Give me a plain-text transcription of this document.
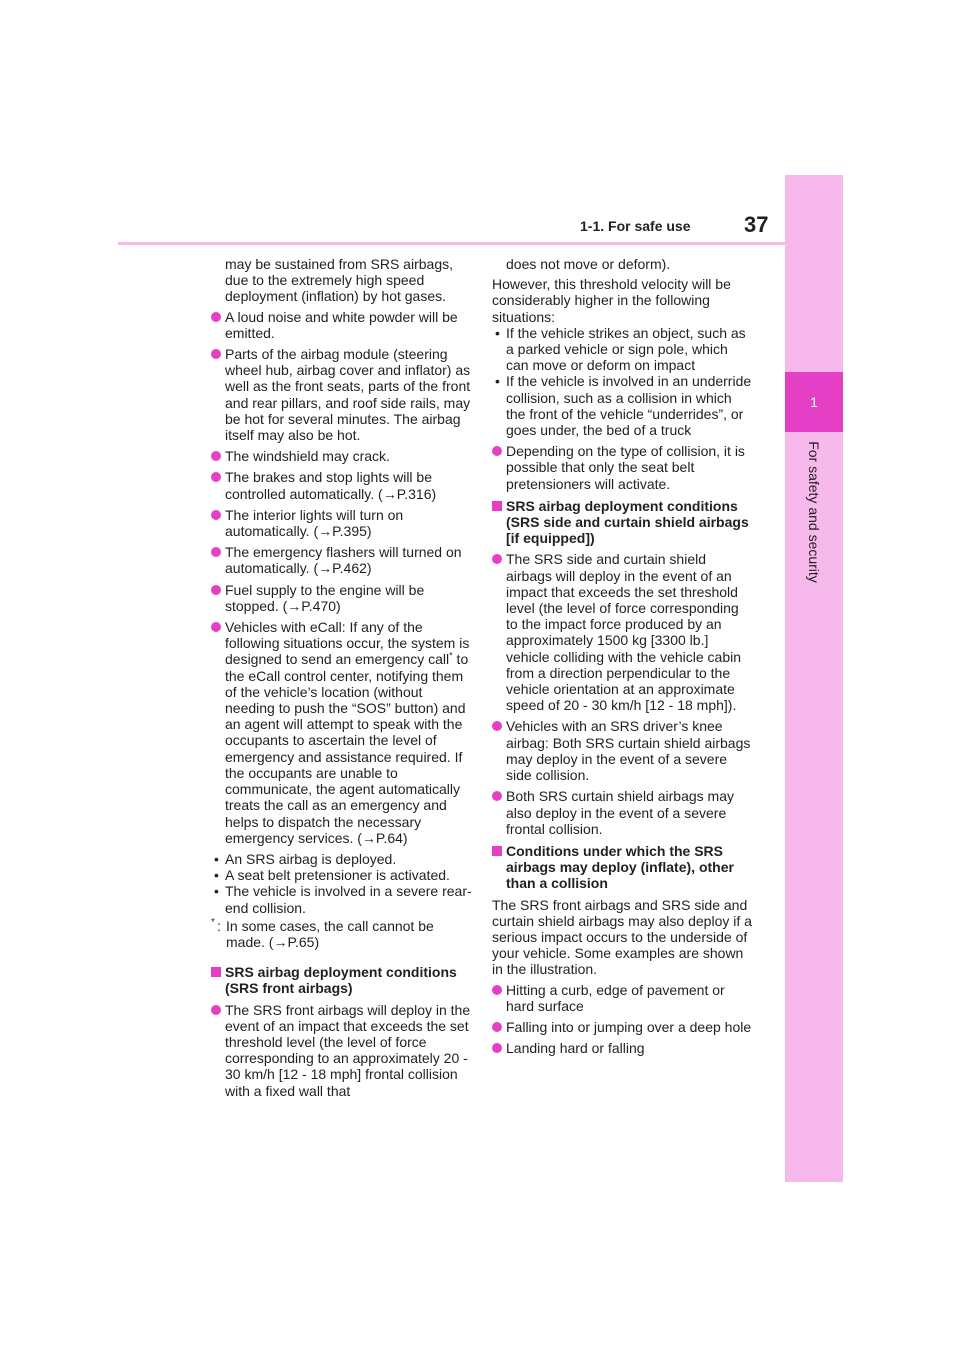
1
For safety and security
1-1. For safe use 37

may be sustained from SRS airbags, due to the extremely high speed deployment (inflation) by hot gases.

A loud noise and white powder will be emitted.
Parts of the airbag module (steering wheel hub, airbag cover and inflator) as well as the front seats, parts of the front and rear pillars, and roof side rails, may be hot for several minutes. The airbag itself may also be hot.
The windshield may crack.
The brakes and stop lights will be controlled automatically. (→P.316)
The interior lights will turn on automatically. (→P.395)
The emergency flashers will turned on automatically. (→P.462)
Fuel supply to the engine will be stopped. (→P.470)
Vehicles with eCall: If any of the following situations occur, the system is designed to send an emergency call* to the eCall control center, notifying them of the vehicle’s location (without needing to push the “SOS” button) and an agent will attempt to speak with the occupants to ascertain the level of emergency and assistance required. If the occupants are unable to communicate, the agent automatically treats the call as an emergency and helps to dispatch the necessary emergency services. (→P.64)
• An SRS airbag is deployed.
• A seat belt pretensioner is activated.
• The vehicle is involved in a severe rear-end collision.
* : In some cases, the call cannot be made. (→P.65)
SRS airbag deployment conditions (SRS front airbags)
The SRS front airbags will deploy in the event of an impact that exceeds the set threshold level (the level of force corresponding to an approximately 20 - 30 km/h [12 - 18 mph] frontal collision with a fixed wall that

does not move or deform).

However, this threshold velocity will be considerably higher in the following situations:

• If the vehicle strikes an object, such as a parked vehicle or sign pole, which can move or deform on impact
• If the vehicle is involved in an underride collision, such as a collision in which the front of the vehicle “underrides”, or goes under, the bed of a truck
Depending on the type of collision, it is possible that only the seat belt pretensioners will activate.
SRS airbag deployment conditions (SRS side and curtain shield airbags [if equipped])
The SRS side and curtain shield airbags will deploy in the event of an impact that exceeds the set threshold level (the level of force corresponding to the impact force produced by an approximately 1500 kg [3300 lb.] vehicle colliding with the vehicle cabin from a direction perpendicular to the vehicle orientation at an approximate speed of 20 - 30 km/h [12 - 18 mph]).
Vehicles with an SRS driver’s knee airbag: Both SRS curtain shield airbags may deploy in the event of a severe side collision.
Both SRS curtain shield airbags may also deploy in the event of a severe frontal collision.
Conditions under which the SRS airbags may deploy (inflate), other than a collision

The SRS front airbags and SRS side and curtain shield airbags may also deploy if a serious impact occurs to the underside of your vehicle. Some examples are shown in the illustration.

Hitting a curb, edge of pavement or hard surface
Falling into or jumping over a deep hole
Landing hard or falling
